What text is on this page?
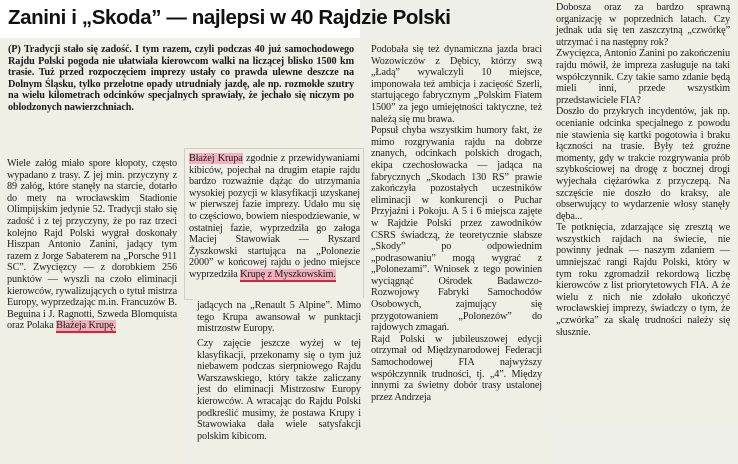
Zanini i „Skoda” — najlepsi w 40 Rajdzie Polski

(P) Tradycji stało się zadość. I tym razem, czyli podczas 40 już samochodowego Rajdu Polski pogoda nie ułatwiała kierowcom walki na liczącej blisko 1500 km trasie. Tuż przed rozpoczęciem imprezy ustały co prawda ulewne deszcze na Dolnym Śląsku, tylko przelotne opady utrudniały jazdę, ale np. rozmokłe szutry na wielu kilometrach odcinków specjalnych sprawiały, że jechało się niczym po oblodzonych nawierzchniach.

Wiele załóg miało spore kłopoty, często wypadano z trasy. Z jej min. przyczyny z 89 załóg, które stanęły na starcie, dotarło do mety na wrocławskim Stadionie Olimpijskim jedynie 52. Tradycji stało się zadość i z tej przyczyny, że po raz trzeci kolejno Rajd Polski wygrał doskonały Hiszpan Antonio Zanini, jadący tym razem z Jorge Sabaterem na „Porsche 911 SC”. Zwycięzcy — z dorobkiem 256 punktów — wyszli na czoło eliminacji kierowców, rywalizujących o tytuł mistrza Europy, wyprzedzając m.in. Francuzów B. Beguina i J. Ragnotti, Szweda Blomquista oraz Polaka Błażeja Krupę.

Błażej Krupa zgodnie z przewidywaniami kibiców, pojechał na drugim etapie rajdu bardzo rozważnie dążąc do utrzymania wysokiej pozycji w klasyfikacji uzyskanej w pierwszej fazie imprezy. Udało mu się to częściowo, bowiem niespodziewanie, w ostatniej fazie, wyprzedziła go załoga Maciej Stawowiak — Ryszard Żyszkowski startująca na „Polonezie 2000” w końcowej rajdu o jedno miejsce wyprzedziła Krupę z Myszkowskim.

jadących na „Renault 5 Alpine”. Mimo tego Krupa awansował w punktacji mistrzostw Europy.

Czy zajęcie jeszcze wyżej w tej klasyfikacji, przekonamy się o tym już niebawem podczas sierpniowego Rajdu Warszawskiego, który także zaliczany jest do eliminacji Mistrzostw Europy kierowców. A wracając do Rajdu Polski podkreślić musimy, że postawa Krupy i Stawowiaka dała wiele satysfakcji polskim kibicom.

Podobała się też dynamiczna jazda braci Wozowiczów z Dębicy, którzy swą „Ładą” wywalczyli 10 miejsce, imponowała też ambicja i zacięość Szerli, startującego fabrycznym „Polskim Fiatem 1500” za jego umiejętności taktyczne, też należą się mu brawa.
Popsuł chyba wszystkim humory fakt, że mimo rozgrywania rajdu na dobrze znanych, odcinkach polskich drogach, ekipa czechosłowacka — jadąca na fabrycznych „Skodach 130 RS” prawie zakończyła pozostałych uczestników eliminacji w konkurencji o Puchar Przyjaźni i Pokoju. A 5 i 6 miejsca zajęte w Rajdzie Polski przez zawodników CSRS świadczą, że teoretycznie słabsze „Skody” po odpowiednim „podrasowaniu” mogą wygrać z „Polonezami”. Wniosek z tego powinien wyciągnąć Ośrodek Badawczo-Rozwojowy Fabryki Samochodów Osobowych, zajmujący się przygotowaniem „Polonezów” do rajdowych zmagań.
Rajd Polski w jubileuszowej edycji otrzymał od Międzynarodowej Federacji Samochodowej FIA najwyższy współczynnik trudności, tj. „4”. Między innymi za świetny dobór trasy ustalonej przez Andrzeja

Dobosza oraz za bardzo sprawną organizację w poprzednich latach. Czy jednak uda się ten zaszczytną „czwórkę” utrzymać i na następny rok?
Zwycięzca, Antonio Zanini po zakończeniu rajdu mówił, że impreza zasługuje na taki współczynnik. Czy takie samo zdanie będą mieli inni, przede wszystkim przedstawiciele FIA?
Doszło do przykrych incydentów, jak np. ocenianie odcinka specjalnego z powodu nie stawienia się kartki pogotowia i braku łączności na trasie. Były też groźne momenty, gdy w trakcie rozgrywania prób szybkościowej na drogę z bocznej drogi wyjechała ciężarówka z przyczepą. Na szczęście nie doszło do kraksy, ale obserwujący to wydarzenie włosy stanęły dęba...
Te potknięcia, zdarzające się zresztą we wszystkich rajdach na świecie, nie powinny jednak — naszym zdaniem — umniejszać rangi Rajdu Polski, który w tym roku zgromadził rekordową liczbę kierowców z list priorytetowych FIA. A że wielu z nich nie zdołało ukończyć wrocławskiej imprezy, świadczy o tym, że „czwórka” za skalę trudności należy się słusznie.
